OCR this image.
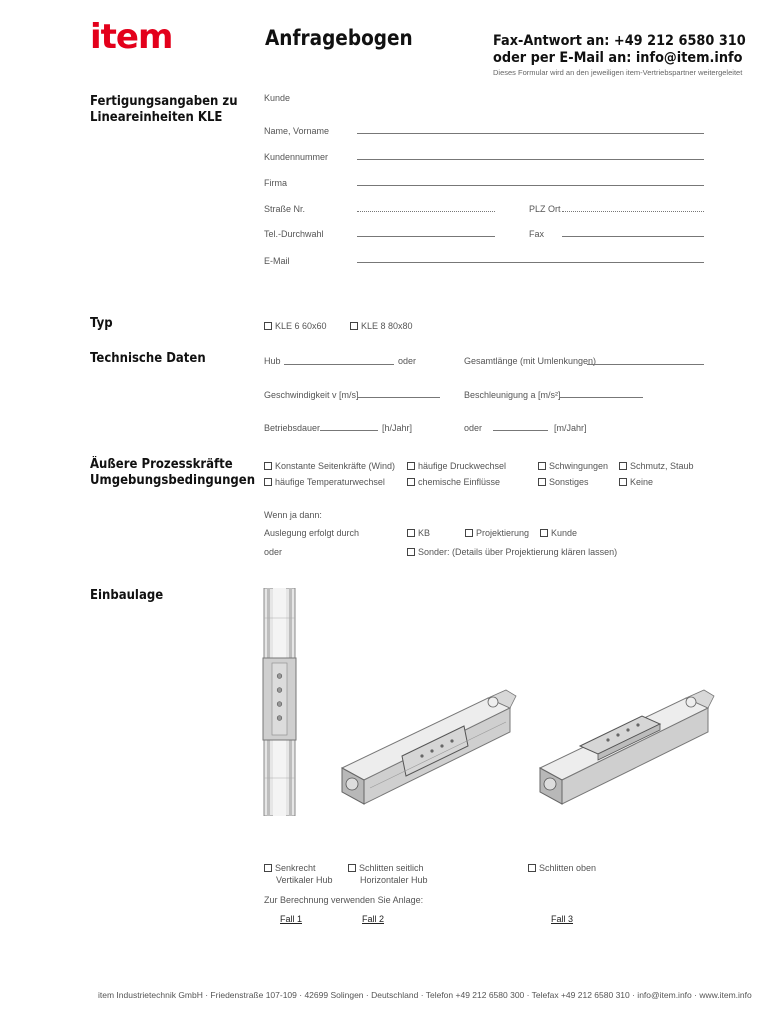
item	Anfragebogen	Fax-Antwort an: +49 212 6580 310
oder per E-Mail an: info@item.info
Dieses Formular wird an den jeweiligen item-Vertriebspartner weitergeleitet
Fertigungsangaben zu
Lineareinheiten KLE
Kunde
Name, Vorname
Kundennummer
Firma
Straße Nr.	PLZ Ort
Tel.-Durchwahl	Fax
E-Mail
Typ	KLE 6 60x60	KLE 8 80x80
Technische Daten	Hub	oder	Gesamtlänge (mit Umlenkungen)
Geschwindigkeit v [m/s]	Beschleunigung a [m/s²]
Betriebsdauer	[h/Jahr]	oder	[m/Jahr]
Äußere Prozesskräfte
Umgebungsbedingungen
Konstante Seitenkräfte (Wind)	häufige Druckwechsel	Schwingungen	Schmutz, Staub
häufige Temperaturwechsel	chemische Einflüsse	Sonstiges	Keine
Wenn ja dann:
Auslegung erfolgt durch	KB	Projektierung	Kunde
oder	Sonder: (Details über Projektierung klären lassen)
Einbaulage
Senkrecht
Vertikaler Hub
Schlitten seitlich
Horizontaler Hub
Schlitten oben
Zur Berechnung verwenden Sie Anlage:
Fall 1	Fall 2	Fall 3
item Industrietechnik GmbH · Friedenstraße 107-109 · 42699 Solingen · Deutschland · Telefon +49 212 6580 300 · Telefax +49 212 6580 310 · info@item.info · www.item.info
